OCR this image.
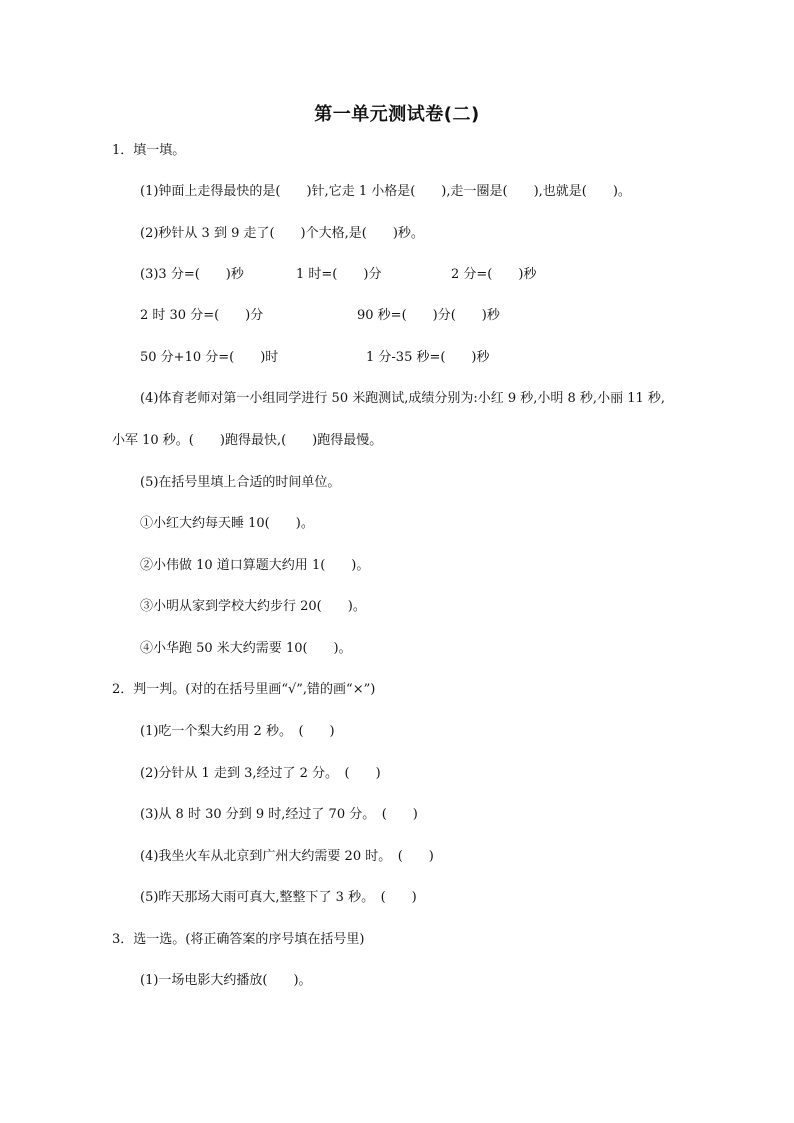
第一单元测试卷(二)
1．填一填。
(1)钟面上走得最快的是(　　)针,它走 1 小格是(　　),走一圈是(　　),也就是(　　)。
(2)秒针从 3 到 9 走了(　　)个大格,是(　　)秒。
(3)3 分=(　　)秒	1 时=(　　)分	2 分=(　　)秒
2 时 30 分=(　　)分	90 秒=(　　)分(　　)秒
50 分+10 分=(　　)时	1 分-35 秒=(　　)秒
(4)体育老师对第一小组同学进行 50 米跑测试,成绩分别为:小红 9 秒,小明 8 秒,小丽 11 秒,
小军 10 秒。(　　)跑得最快,(　　)跑得最慢。
(5)在括号里填上合适的时间单位。
①小红大约每天睡 10(　　)。
②小伟做 10 道口算题大约用 1(　　)。
③小明从家到学校大约步行 20(　　)。
④小华跑 50 米大约需要 10(　　)。
2．判一判。(对的在括号里画“√”,错的画“×”)
(1)吃一个梨大约用 2 秒。　(　　)
(2)分针从 1 走到 3,经过了 2 分。　(　　)
(3)从 8 时 30 分到 9 时,经过了 70 分。　(　　)
(4)我坐火车从北京到广州大约需要 20 时。　(　　)
(5)昨天那场大雨可真大,整整下了 3 秒。　(　　)
3．选一选。(将正确答案的序号填在括号里)
(1)一场电影大约播放(　　)。
